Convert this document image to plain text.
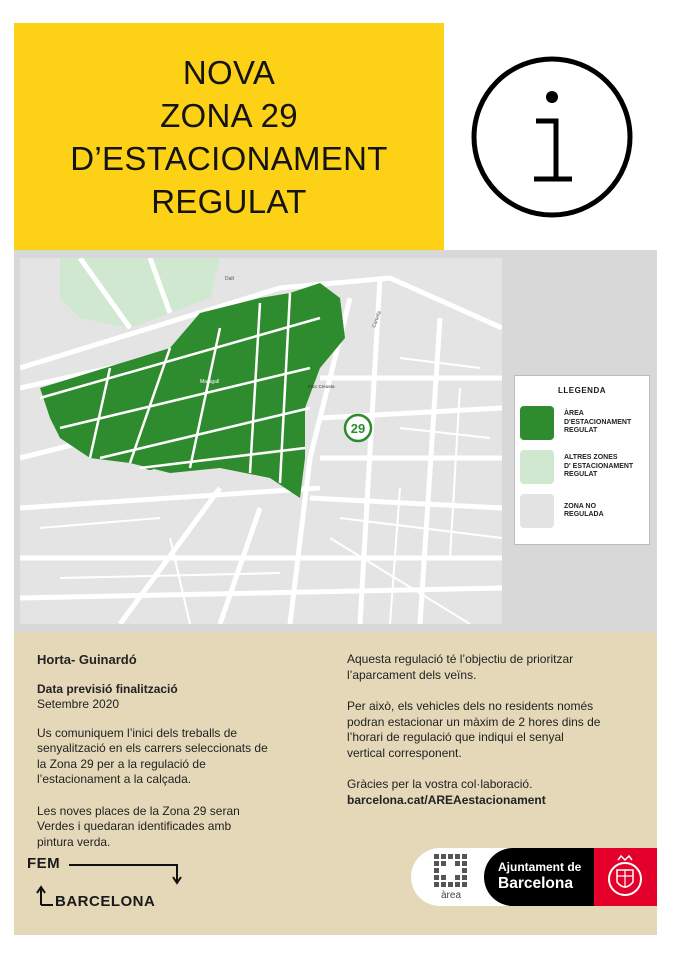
NOVA
ZONA 29
D’ESTACIONAMENT
REGULAT
29
Dalt
Cartellà
Maragall
Parc Creueta	LLEGENDA
ÀREA
D'ESTACIONAMENT
REGULAT
ALTRES ZONES
D' ESTACIONAMENT
REGULAT
ZONA NO
REGULADA

Horta- Guinardó

Data previsió finalització

Setembre 2020

Us comuniquem l’inici dels treballs de

senyalització en els carrers seleccionats de

la Zona 29 per a la regulació de

l’estacionament a la calçada.

Les noves places de la Zona 29 seran

Verdes i quedaran identificades amb

pintura verda.

Aquesta regulació té l’objectiu de prioritzar

l’aparcament dels veïns.

Per això, els vehicles dels no residents només

podran estacionar un màxim de 2 hores dins de

l’horari de regulació que indiqui el senyal

vertical corresponent.

Gràcies per la vostra col·laboració.

barcelona.cat/AREAestacionament

FEM
BARCELONA	àrea
Ajuntament de
Barcelona
